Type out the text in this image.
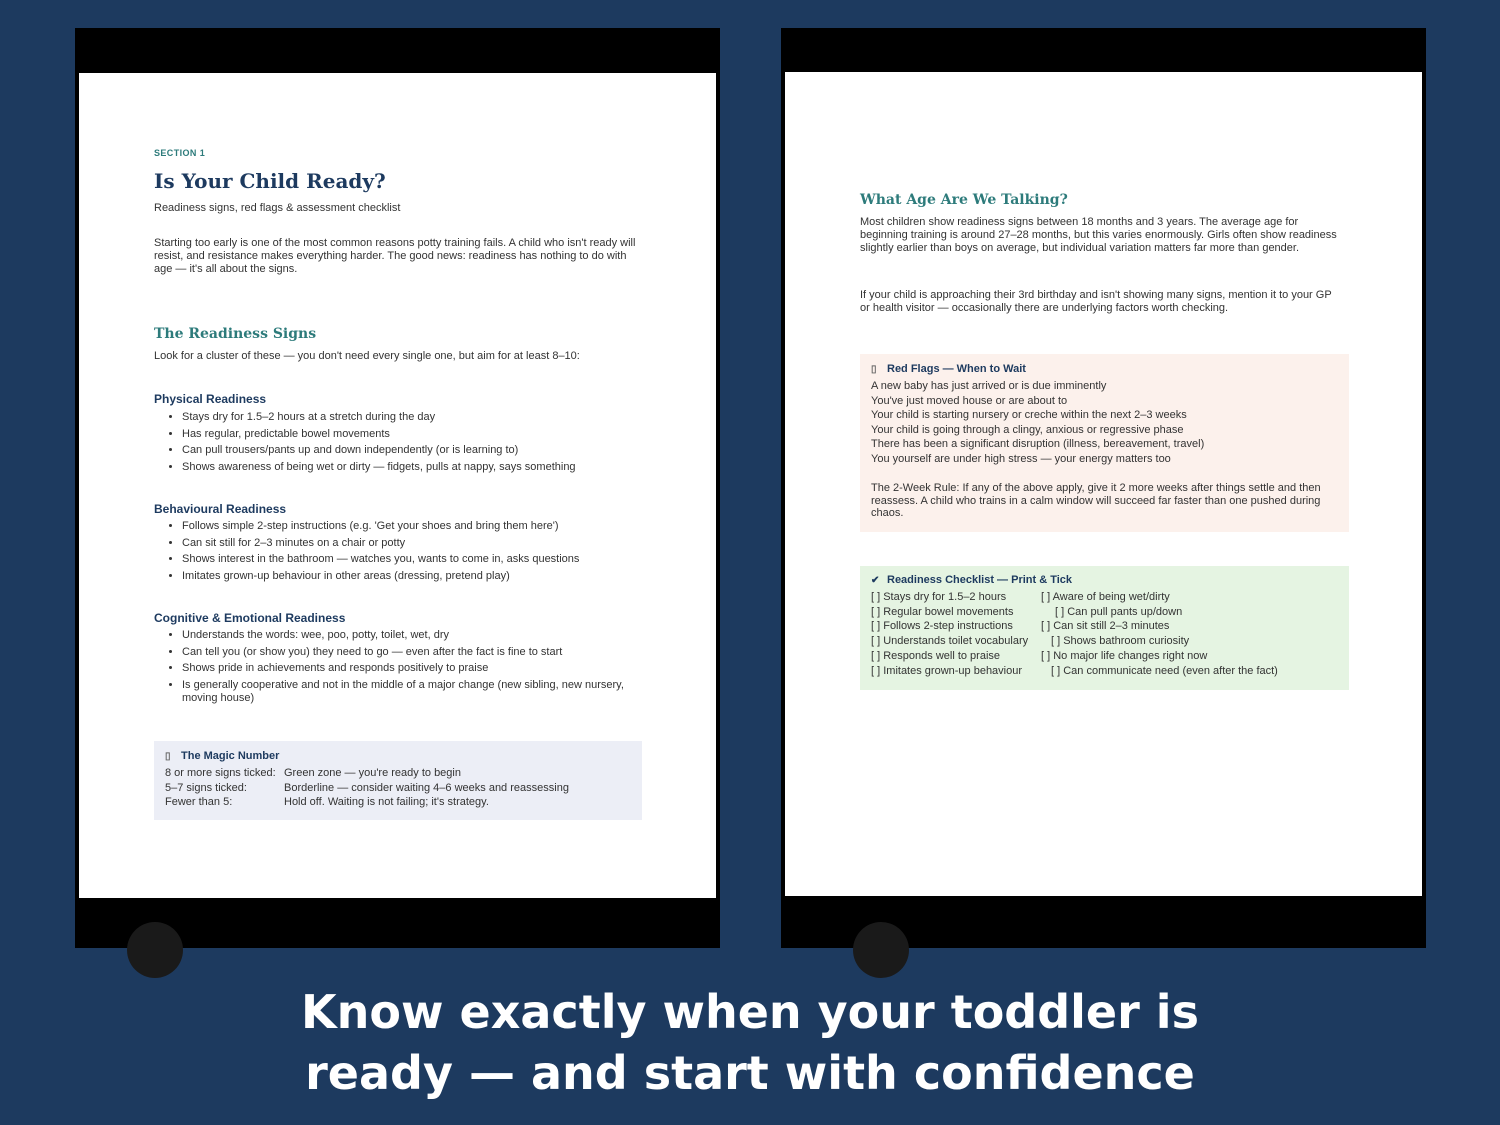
SECTION 1
Is Your Child Ready?
Readiness signs, red flags & assessment checklist

Starting too early is one of the most common reasons potty training fails. A child who isn't ready will resist, and resistance makes everything harder. The good news: readiness has nothing to do with age — it's all about the signs.

The Readiness Signs

Look for a cluster of these — you don't need every single one, but aim for at least 8–10:

Physical Readiness
• Stays dry for 1.5–2 hours at a stretch during the day
• Has regular, predictable bowel movements
• Can pull trousers/pants up and down independently (or is learning to)
• Shows awareness of being wet or dirty — fidgets, pulls at nappy, says something
Behavioural Readiness
• Follows simple 2-step instructions (e.g. 'Get your shoes and bring them here')
• Can sit still for 2–3 minutes on a chair or potty
• Shows interest in the bathroom — watches you, wants to come in, asks questions
• Imitates grown-up behaviour in other areas (dressing, pretend play)
Cognitive & Emotional Readiness
• Understands the words: wee, poo, potty, toilet, wet, dry
• Can tell you (or show you) they need to go — even after the fact is fine to start
• Shows pride in achievements and responds positively to praise
• Is generally cooperative and not in the middle of a major change (new sibling, new nursery, moving house)
▯ The Magic Number
8 or more signs ticked:	Green zone — you're ready to begin
5–7 signs ticked:	Borderline — consider waiting 4–6 weeks and reassessing
Fewer than 5:	Hold off. Waiting is not failing; it's strategy.
What Age Are We Talking?

Most children show readiness signs between 18 months and 3 years. The average age for beginning training is around 27–28 months, but this varies enormously. Girls often show readiness slightly earlier than boys on average, but individual variation matters far more than gender.

If your child is approaching their 3rd birthday and isn't showing many signs, mention it to your GP or health visitor — occasionally there are underlying factors worth checking.

▯ Red Flags — When to Wait
A new baby has just arrived or is due imminently
You've just moved house or are about to
Your child is starting nursery or creche within the next 2–3 weeks
Your child is going through a clingy, anxious or regressive phase
There has been a significant disruption (illness, bereavement, travel)
You yourself are under high stress — your energy matters too
The 2-Week Rule: If any of the above apply, give it 2 more weeks after things settle and then reassess. A child who trains in a calm window will succeed far faster than one pushed during chaos.
✔ Readiness Checklist — Print & Tick
[ ] Stays dry for 1.5–2 hours	[ ] Aware of being wet/dirty
[ ] Regular bowel movements	[ ] Can pull pants up/down
[ ] Follows 2-step instructions	[ ] Can sit still 2–3 minutes
[ ] Understands toilet vocabulary	[ ] Shows bathroom curiosity
[ ] Responds well to praise	[ ] No major life changes right now
[ ] Imitates grown-up behaviour	[ ] Can communicate need (even after the fact)
Know exactly when your toddler is
ready — and start with confidence
